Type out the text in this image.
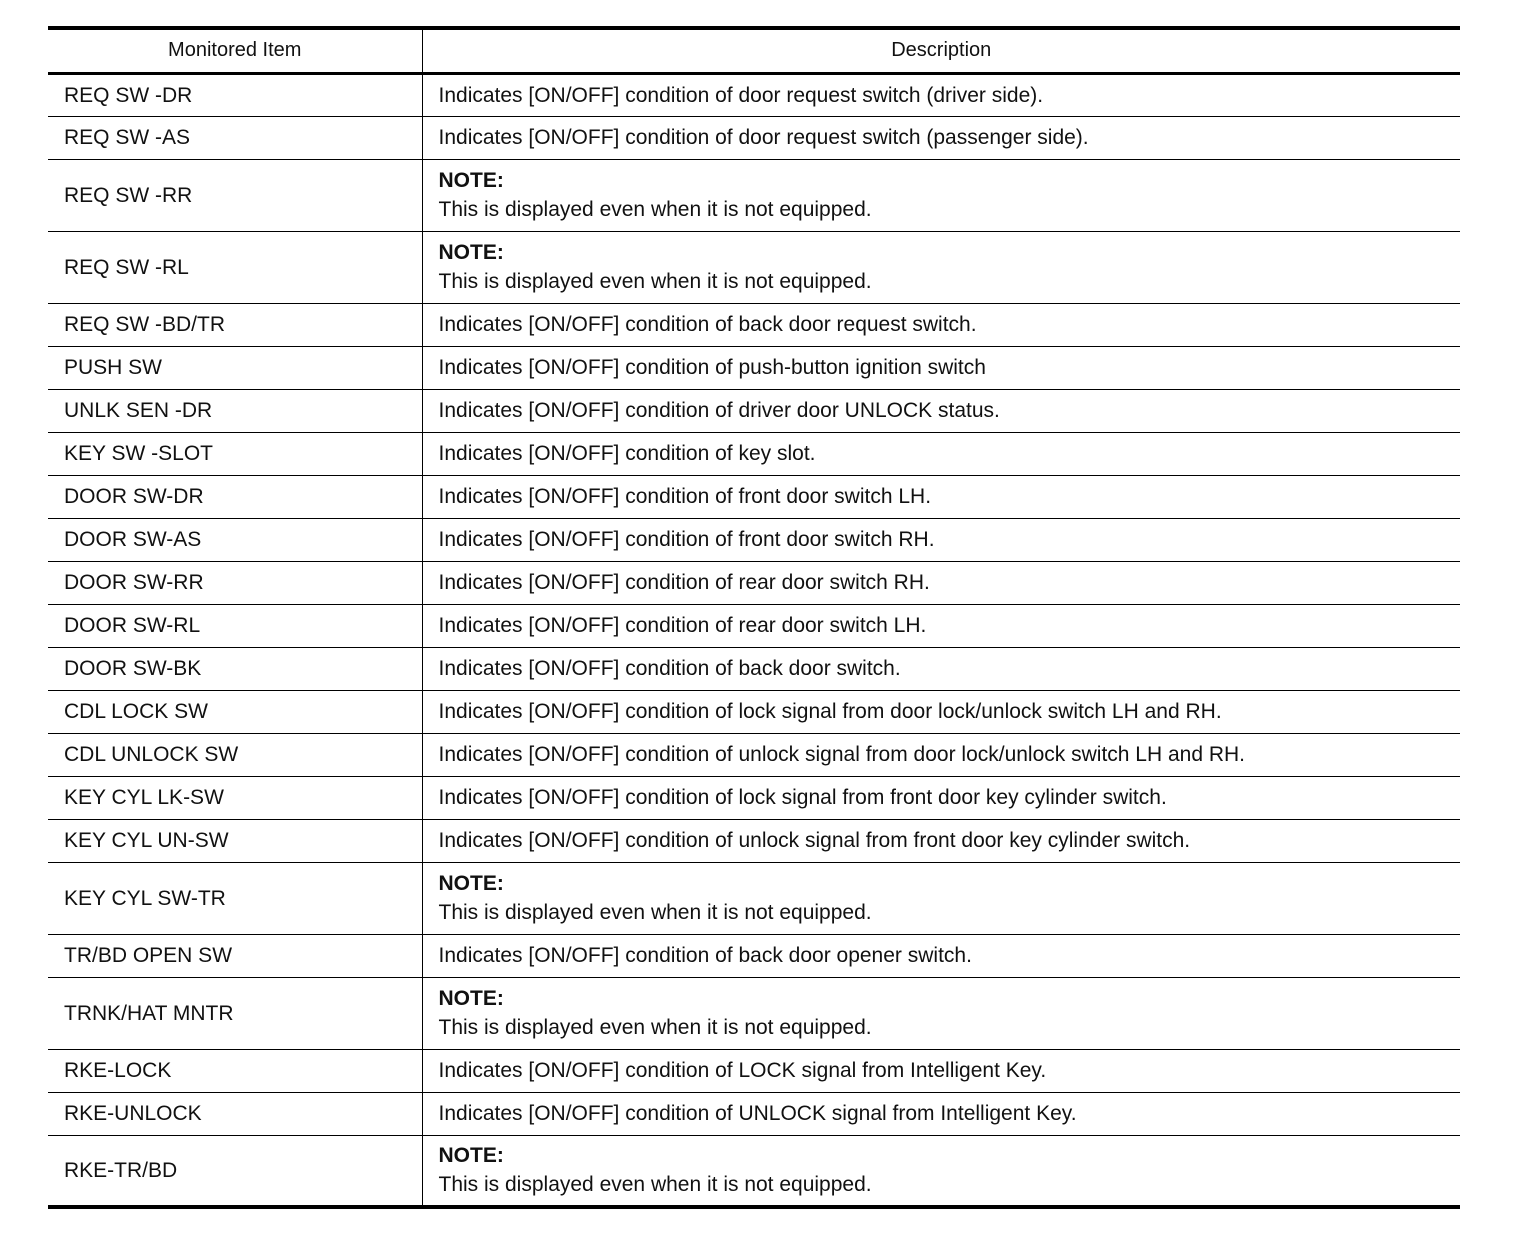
Monitored Item	Description
REQ SW -DR	Indicates [ON/OFF] condition of door request switch (driver side).
REQ SW -AS	Indicates [ON/OFF] condition of door request switch (passenger side).
REQ SW -RR	NOTE:
This is displayed even when it is not equipped.

REQ SW -RL	NOTE:
This is displayed even when it is not equipped.

REQ SW -BD/TR	Indicates [ON/OFF] condition of back door request switch.
PUSH SW	Indicates [ON/OFF] condition of push-button ignition switch
UNLK SEN -DR	Indicates [ON/OFF] condition of driver door UNLOCK status.
KEY SW -SLOT	Indicates [ON/OFF] condition of key slot.
DOOR SW-DR	Indicates [ON/OFF] condition of front door switch LH.
DOOR SW-AS	Indicates [ON/OFF] condition of front door switch RH.
DOOR SW-RR	Indicates [ON/OFF] condition of rear door switch RH.
DOOR SW-RL	Indicates [ON/OFF] condition of rear door switch LH.
DOOR SW-BK	Indicates [ON/OFF] condition of back door switch.
CDL LOCK SW	Indicates [ON/OFF] condition of lock signal from door lock/unlock switch LH and RH.
CDL UNLOCK SW	Indicates [ON/OFF] condition of unlock signal from door lock/unlock switch LH and RH.
KEY CYL LK-SW	Indicates [ON/OFF] condition of lock signal from front door key cylinder switch.
KEY CYL UN-SW	Indicates [ON/OFF] condition of unlock signal from front door key cylinder switch.
KEY CYL SW-TR	NOTE:
This is displayed even when it is not equipped.

TR/BD OPEN SW	Indicates [ON/OFF] condition of back door opener switch.
TRNK/HAT MNTR	NOTE:
This is displayed even when it is not equipped.

RKE-LOCK	Indicates [ON/OFF] condition of LOCK signal from Intelligent Key.
RKE-UNLOCK	Indicates [ON/OFF] condition of UNLOCK signal from Intelligent Key.
RKE-TR/BD	NOTE:
This is displayed even when it is not equipped.
